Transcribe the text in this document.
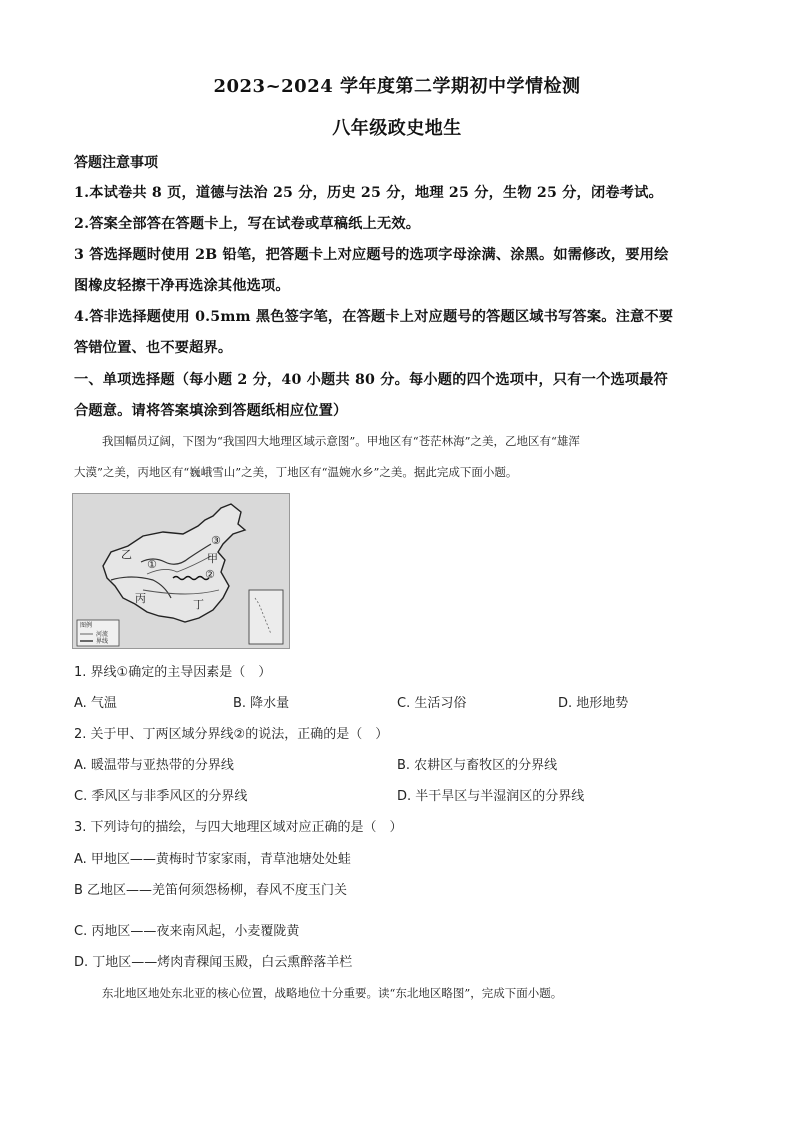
2023~2024 学年度第二学期初中学情检测
八年级政史地生
答题注意事项
1.本试卷共 8 页，道德与法治 25 分，历史 25 分，地理 25 分，生物 25 分，闭卷考试。
2.答案全部答在答题卡上，写在试卷或草稿纸上无效。
3 答选择题时使用 2B 铅笔，把答题卡上对应题号的选项字母涂满、涂黑。如需修改，要用绘
图橡皮轻擦干净再选涂其他选项。
4.答非选择题使用 0.5mm 黑色签字笔，在答题卡上对应题号的答题区域书写答案。注意不要
答错位置、也不要超界。
一、单项选择题（每小题 2 分，40 小题共 80 分。每小题的四个选项中，只有一个选项最符
合题意。请将答案填涂到答题纸相应位置）
我国幅员辽阔，下图为“我国四大地理区域示意图”。甲地区有“苍茫林海”之美，乙地区有“雄浑
大漠”之美，丙地区有“巍峨雪山”之美，丁地区有“温婉水乡”之美。据此完成下面小题。
乙	甲
丙	丁
①
②
③
图例
河流
界线
1. 界线①确定的主导因素是（　）
A. 气温	B. 降水量	C. 生活习俗	D. 地形地势
2. 关于甲、丁两区域分界线②的说法，正确的是（　）
A. 暖温带与亚热带的分界线	B. 农耕区与畜牧区的分界线
C. 季风区与非季风区的分界线	D. 半干旱区与半湿润区的分界线
3. 下列诗句的描绘，与四大地理区域对应正确的是（　）
A. 甲地区——黄梅时节家家雨，青草池塘处处蛙
B 乙地区——羌笛何须怨杨柳，春风不度玉门关
C. 丙地区——夜来南风起，小麦覆陇黄
D. 丁地区——烤肉青稞闻玉殿，白云熏醉落羊栏
东北地区地处东北亚的核心位置，战略地位十分重要。读“东北地区略图”，完成下面小题。
